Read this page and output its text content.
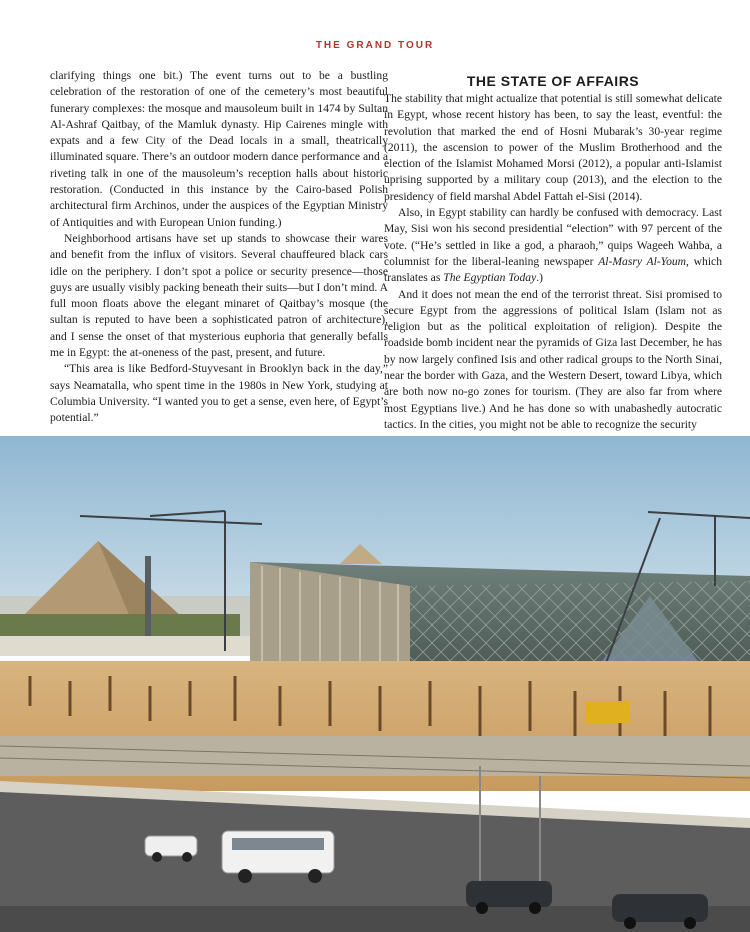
THE GRAND TOUR

clarifying things one bit.) The event turns out to be a bustling celebration of the restoration of one of the cemetery’s most beautiful funerary complexes: the mosque and mausoleum built in 1474 by Sultan Al-Ashraf Qaitbay, of the Mamluk dynasty. Hip Cairenes mingle with expats and a few City of the Dead locals in a small, theatrically illuminated square. There’s an outdoor modern dance performance and a riveting talk in one of the mausoleum’s reception halls about historic restoration. (Conducted in this instance by the Cairo-based Polish architectural firm Archinos, under the auspices of the Egyptian Ministry of Antiquities and with European Union funding.)

Neighborhood artisans have set up stands to showcase their wares and benefit from the influx of visitors. Several chauffeured black cars idle on the periphery. I don’t spot a police or security presence—those guys are usually visibly packing beneath their suits—but I don’t mind. A full moon floats above the elegant minaret of Qaitbay’s mosque (the sultan is reputed to have been a sophisticated patron of architecture), and I sense the onset of that mysterious euphoria that generally befalls me in Egypt: the at-oneness of the past, present, and future.

“This area is like Bedford-Stuyvesant in Brooklyn back in the day,” says Neamatalla, who spent time in the 1980s in New York, studying at Columbia University. “I wanted you to get a sense, even here, of Egypt’s potential.”

THE STATE OF AFFAIRS

The stability that might actualize that potential is still somewhat delicate in Egypt, whose recent history has been, to say the least, eventful: the revolution that marked the end of Hosni Mubarak’s 30-year regime (2011), the ascension to power of the Muslim Brotherhood and the election of the Islamist Mohamed Morsi (2012), a popular anti-Islamist uprising supported by a military coup (2013), and the election to the presidency of field marshal Abdel Fattah el-Sisi (2014).

Also, in Egypt stability can hardly be confused with democracy. Last May, Sisi won his second presidential “election” with 97 percent of the vote. (“He’s settled in like a god, a pharaoh,” quips Wageeh Wahba, a columnist for the liberal-leaning newspaper Al-Masry Al-Youm, which translates as The Egyptian Today.)

And it does not mean the end of the terrorist threat. Sisi promised to secure Egypt from the aggressions of political Islam (Islam not as religion but as the political exploitation of religion). Despite the roadside bomb incident near the pyramids of Giza last December, he has by now largely confined Isis and other radical groups to the North Sinai, near the border with Gaza, and the Western Desert, toward Libya, which are both now no-go zones for tourism. (They are also far from where most Egyptians live.) And he has done so with unabashedly autocratic tactics. In the cities, you might not be able to recognize the security
